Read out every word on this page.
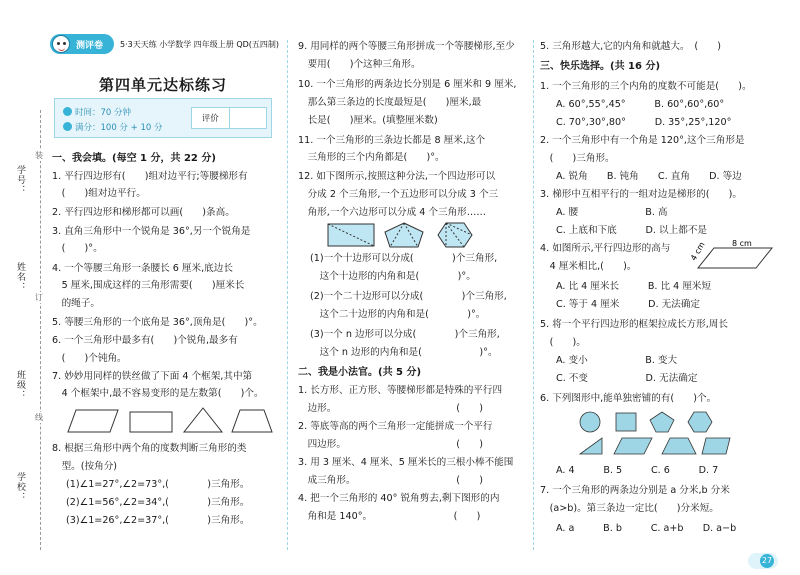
学号：
姓名：
班级：
学校：
装
订
线
测评卷 5·3天天练 小学数学 四年级上册 QD(五四制)
第四单元达标练习
时间：70 分钟
满分：100 分 + 10 分
评价
一、我会填。(每空 1 分，共 22 分)
1. 平行四边形有(　　)组对边平行;等腰梯形有
　(　　)组对边平行。
2. 平行四边形和梯形都可以画(　　)条高。
3. 直角三角形中一个锐角是 36°,另一个锐角是
　(　　)°。
4. 一个等腰三角形一条腰长 6 厘米,底边长
　5 厘米,围成这样的三角形需要(　　)厘米长
　的绳子。
5. 等腰三角形的一个底角是 36°,顶角是(　　)°。
6. 一个三角形中最多有(　　)个锐角,最多有
　(　　)个钝角。
7. 妙妙用同样的铁丝做了下面 4 个框架,其中第
　4 个框架中,最不容易变形的是左数第(　　)个。
8. 根据三角形中两个角的度数判断三角形的类
　型。(按角分)
(1)∠1=27°,∠2=73°,(　　　　)三角形。
(2)∠1=56°,∠2=34°,(　　　　)三角形。
(3)∠1=26°,∠2=37°,(　　　　)三角形。
9. 用同样的两个等腰三角形拼成一个等腰梯形,至少
　要用(　　)个这种三角形。
10. 一个三角形的两条边长分别是 6 厘米和 9 厘米,
　那么第三条边的长度最短是(　　)厘米,最
　长是(　　)厘米。(填整厘米数)
11. 一个三角形的三条边长都是 8 厘米,这个
　三角形的三个内角都是(　　)°。
12. 如下图所示,按照这种分法,一个四边形可以
　分成 2 个三角形,一个五边形可以分成 3 个三
　角形,一个六边形可以分成 4 个三角形……
(1)一个十边形可以分成(　　　　)个三角形,
　这个十边形的内角和是(　　　　)°。
(2)一个二十边形可以分成(　　　　)个三角形,
　这个二十边形的内角和是(　　　　)°。
(3)一个 n 边形可以分成(　　　　)个三角形,
　这个 n 边形的内角和是(　　　　　　)°。
二、我是小法官。(共 5 分)
1. 长方形、正方形、等腰梯形都是特殊的平行四
　边形。　　　　　　　　　　　　　(　　)
2. 等底等高的两个三角形一定能拼成一个平行
　四边形。　　　　　　　　　　　　(　　)
3. 用 3 厘米、4 厘米、5 厘米长的三根小棒不能围
　成三角形。　　　　　　　　　　　(　　)
4. 把一个三角形的 40° 锐角剪去,剩下图形的内
　角和是 140°。　　　　　　　　　(　　)
5. 三角形越大,它的内角和就越大。　(　　)
三、快乐选择。(共 16 分)
1. 一个三角形的三个内角的度数不可能是(　　)。
A. 60°,55°,45°　　　B. 60°,60°,60°
C. 70°,30°,80°　　　D. 35°,25°,120°
2. 一个三角形中有一个角是 120°,这个三角形是
　(　　)三角形。
A. 锐角　　B. 钝角　　C. 直角　　D. 等边
3. 梯形中互相平行的一组对边是梯形的(　　)。
A. 腰　　　　　　　B. 高
C. 上底和下底　　　D. 以上都不是
4. 如图所示,平行四边形的高与
　4 厘米相比,(　　)。
8 cm
4 cm
A. 比 4 厘米长　　　B. 比 4 厘米短
C. 等于 4 厘米　　　D. 无法确定
5. 将一个平行四边形的框架拉成长方形,周长
　(　　)。
A. 变小　　　　　　B. 变大
C. 不变　　　　　　D. 无法确定
6. 下列图形中,能单独密铺的有(　　)个。
A. 4　　　B. 5　　　C. 6　　　D. 7
7. 一个三角形的两条边分别是 a 分米,b 分米
　(a>b)。第三条边一定比(　　)分米短。
A. a　　　B. b　　　C. a+b　　D. a−b
27
